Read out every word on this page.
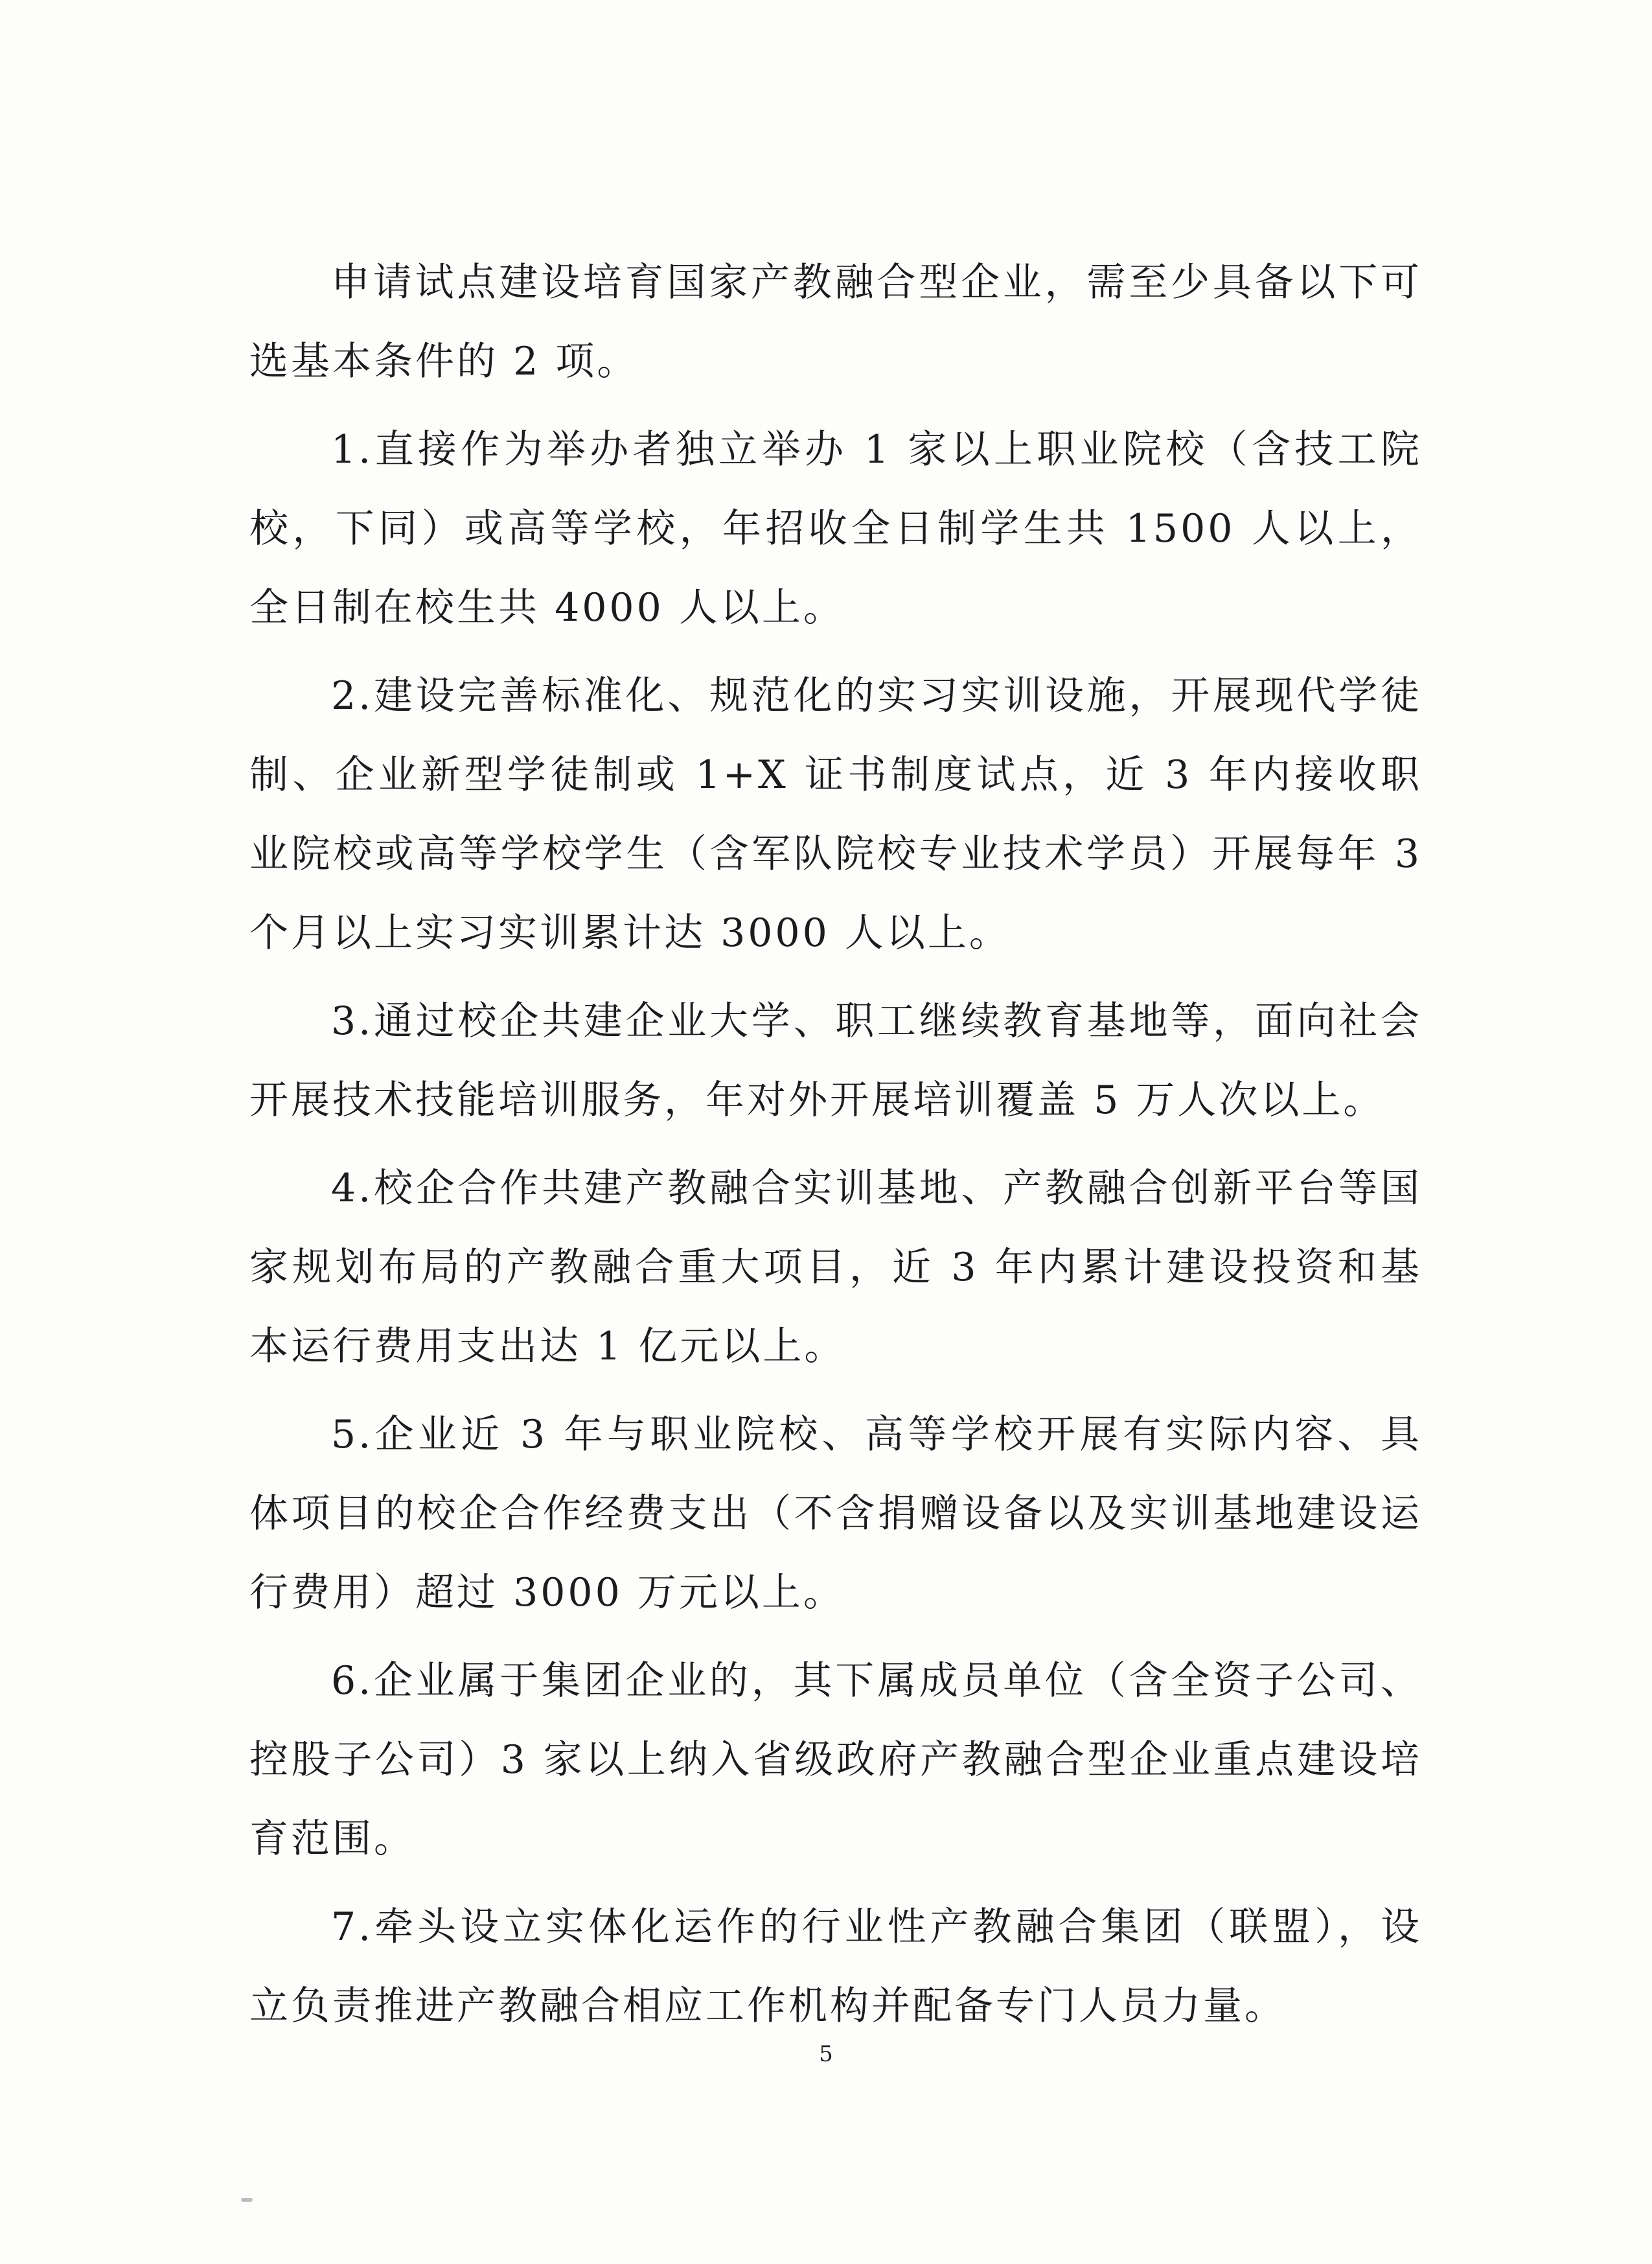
申请试点建设培育国家产教融合型企业，需至少具备以下可选基本条件的 2 项。

1.直接作为举办者独立举办 1 家以上职业院校（含技工院校，下同）或高等学校，年招收全日制学生共 1500 人以上，全日制在校生共 4000 人以上。

2.建设完善标准化、规范化的实习实训设施，开展现代学徒制、企业新型学徒制或 1+X 证书制度试点，近 3 年内接收职业院校或高等学校学生（含军队院校专业技术学员）开展每年 3 个月以上实习实训累计达 3000 人以上。

3.通过校企共建企业大学、职工继续教育基地等，面向社会开展技术技能培训服务，年对外开展培训覆盖 5 万人次以上。

4.校企合作共建产教融合实训基地、产教融合创新平台等国家规划布局的产教融合重大项目，近 3 年内累计建设投资和基本运行费用支出达 1 亿元以上。

5.企业近 3 年与职业院校、高等学校开展有实际内容、具体项目的校企合作经费支出（不含捐赠设备以及实训基地建设运行费用）超过 3000 万元以上。

6.企业属于集团企业的，其下属成员单位（含全资子公司、控股子公司）3 家以上纳入省级政府产教融合型企业重点建设培育范围。

7.牵头设立实体化运作的行业性产教融合集团（联盟），设立负责推进产教融合相应工作机构并配备专门人员力量。

5
